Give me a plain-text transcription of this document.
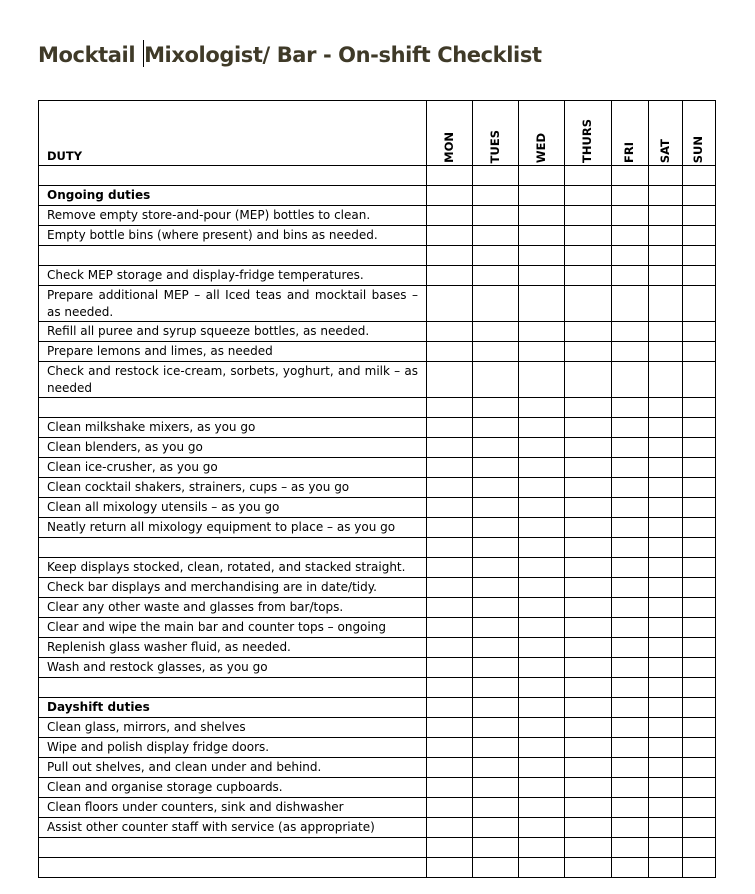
Mocktail Mixologist/ Bar - On-shift Checklist
DUTY	MON	TUES	WED	THURS	FRI	SAT	SUN

Ongoing duties							
Remove empty store-and-pour (MEP) bottles to clean.							
Empty bottle bins (where present) and bins as needed.							

Check MEP storage and display-fridge temperatures.							
Prepare additional MEP – all Iced teas and mocktail bases – as needed.							
Refill all puree and syrup squeeze bottles, as needed.							
Prepare lemons and limes, as needed							
Check and restock ice-cream, sorbets, yoghurt, and milk – as needed							

Clean milkshake mixers, as you go							
Clean blenders, as you go							
Clean ice-crusher, as you go							
Clean cocktail shakers, strainers, cups – as you go							
Clean all mixology utensils – as you go							
Neatly return all mixology equipment to place – as you go							

Keep displays stocked, clean, rotated, and stacked straight.							
Check bar displays and merchandising are in date/tidy.							
Clear any other waste and glasses from bar/tops.							
Clear and wipe the main bar and counter tops – ongoing							
Replenish glass washer fluid, as needed.							
Wash and restock glasses, as you go							

Dayshift duties							
Clean glass, mirrors, and shelves							
Wipe and polish display fridge doors.							
Pull out shelves, and clean under and behind.							
Clean and organise storage cupboards.							
Clean floors under counters, sink and dishwasher							
Assist other counter staff with service (as appropriate)							
